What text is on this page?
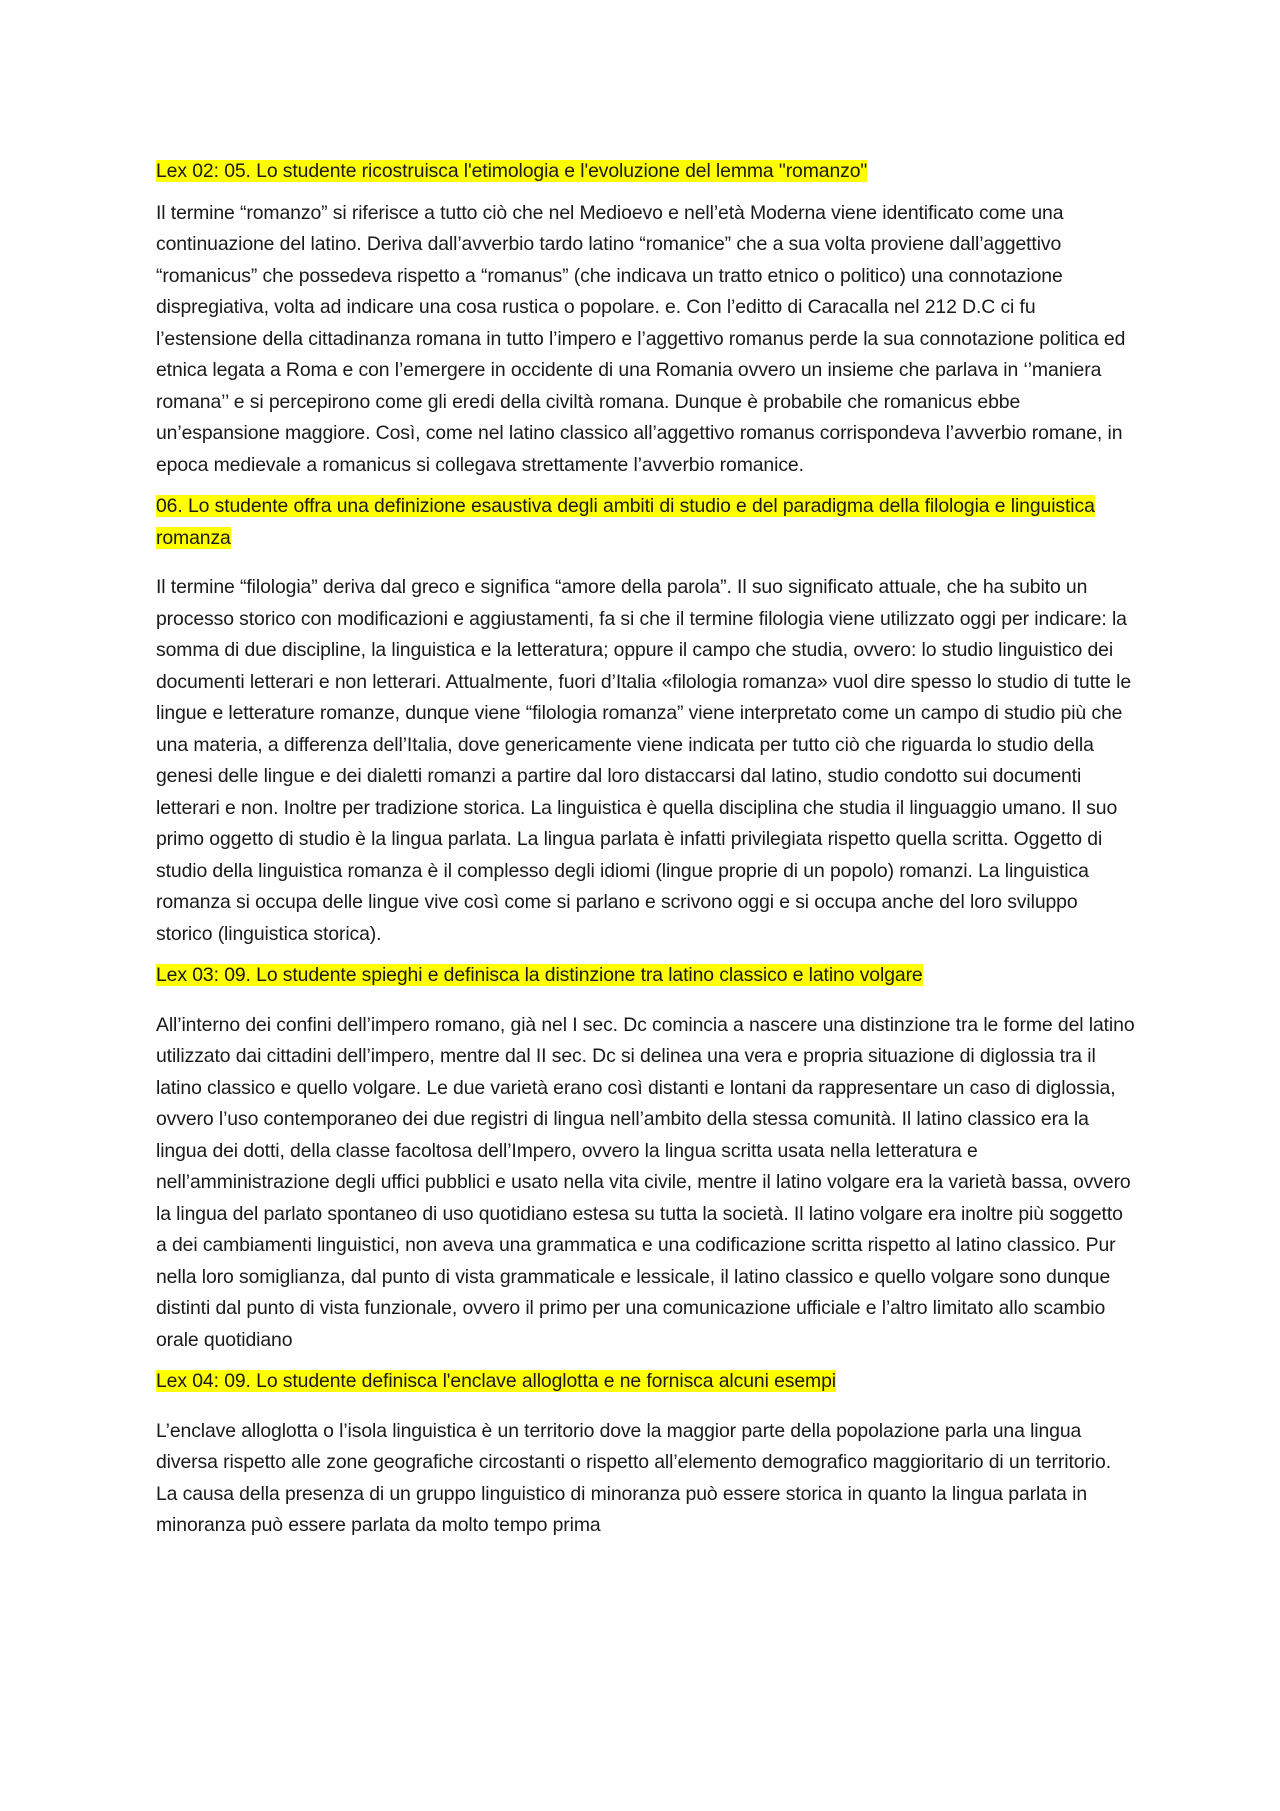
Lex 02: 05. Lo studente ricostruisca l'etimologia e l'evoluzione del lemma "romanzo"

Il termine “romanzo” si riferisce a tutto ciò che nel Medioevo e nell’età Moderna viene identificato come una continuazione del latino. Deriva dall’avverbio tardo latino “romanice” che a sua volta proviene dall’aggettivo “romanicus” che possedeva rispetto a “romanus” (che indicava un tratto etnico o politico) una connotazione dispregiativa, volta ad indicare una cosa rustica o popolare. e. Con l’editto di Caracalla nel 212 D.C ci fu l’estensione della cittadinanza romana in tutto l’impero e l’aggettivo romanus perde la sua connotazione politica ed etnica legata a Roma e con l’emergere in occidente di una Romania ovvero un insieme che parlava in ‘’maniera romana’’ e si percepirono come gli eredi della civiltà romana. Dunque è probabile che romanicus ebbe un’espansione maggiore. Così, come nel latino classico all’aggettivo romanus corrispondeva l’avverbio romane, in epoca medievale a romanicus si collegava strettamente l’avverbio romanice.

06. Lo studente offra una definizione esaustiva degli ambiti di studio e del paradigma della filologia e linguistica romanza

Il termine “filologia” deriva dal greco e significa “amore della parola”. Il suo significato attuale, che ha subito un processo storico con modificazioni e aggiustamenti, fa si che il termine filologia viene utilizzato oggi per indicare: la somma di due discipline, la linguistica e la letteratura; oppure il campo che studia, ovvero: lo studio linguistico dei documenti letterari e non letterari. Attualmente, fuori d’Italia «filologia romanza» vuol dire spesso lo studio di tutte le lingue e letterature romanze, dunque viene “filologia romanza” viene interpretato come un campo di studio più che una materia, a differenza dell’Italia, dove genericamente viene indicata per tutto ciò che riguarda lo studio della genesi delle lingue e dei dialetti romanzi a partire dal loro distaccarsi dal latino, studio condotto sui documenti letterari e non. Inoltre per tradizione storica. La linguistica è quella disciplina che studia il linguaggio umano. Il suo primo oggetto di studio è la lingua parlata. La lingua parlata è infatti privilegiata rispetto quella scritta. Oggetto di studio della linguistica romanza è il complesso degli idiomi (lingue proprie di un popolo) romanzi. La linguistica romanza si occupa delle lingue vive così come si parlano e scrivono oggi e si occupa anche del loro sviluppo storico (linguistica storica).

Lex 03: 09. Lo studente spieghi e definisca la distinzione tra latino classico e latino volgare

All’interno dei confini dell’impero romano, già nel I sec. Dc comincia a nascere una distinzione tra le forme del latino utilizzato dai cittadini dell’impero, mentre dal II sec. Dc si delinea una vera e propria situazione di diglossia tra il latino classico e quello volgare. Le due varietà erano così distanti e lontani da rappresentare un caso di diglossia, ovvero l’uso contemporaneo dei due registri di lingua nell’ambito della stessa comunità. Il latino classico era la lingua dei dotti, della classe facoltosa dell’Impero, ovvero la lingua scritta usata nella letteratura e nell’amministrazione degli uffici pubblici e usato nella vita civile, mentre il latino volgare era la varietà bassa, ovvero la lingua del parlato spontaneo di uso quotidiano estesa su tutta la società. Il latino volgare era inoltre più soggetto a dei cambiamenti linguistici, non aveva una grammatica e una codificazione scritta rispetto al latino classico. Pur nella loro somiglianza, dal punto di vista grammaticale e lessicale, il latino classico e quello volgare sono dunque distinti dal punto di vista funzionale, ovvero il primo per una comunicazione ufficiale e l’altro limitato allo scambio orale quotidiano

Lex 04: 09. Lo studente definisca l'enclave alloglotta e ne fornisca alcuni esempi

L’enclave alloglotta o l’isola linguistica è un territorio dove la maggior parte della popolazione parla una lingua diversa rispetto alle zone geografiche circostanti o rispetto all’elemento demografico maggioritario di un territorio. La causa della presenza di un gruppo linguistico di minoranza può essere storica in quanto la lingua parlata in minoranza può essere parlata da molto tempo prima
